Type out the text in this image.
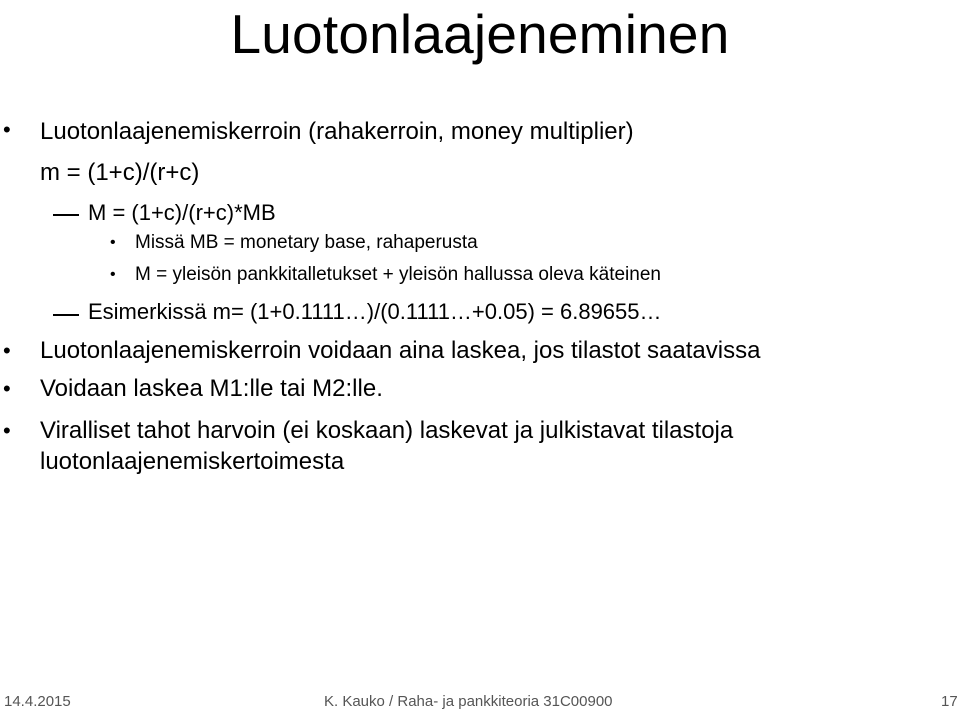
Luotonlaajeneminen
• Luotonlaajenemiskerroin (rahakerroin, money multiplier)
m = (1+c)/(r+c)
M = (1+c)/(r+c)*MB
• Missä MB = monetary base, rahaperusta
• M = yleisön pankkitalletukset + yleisön hallussa oleva käteinen
Esimerkissä m= (1+0.1111…)/(0.1111…+0.05) = 6.89655…
• Luotonlaajenemiskerroin voidaan aina laskea, jos tilastot saatavissa
• Voidaan laskea M1:lle tai M2:lle.
• Viralliset tahot harvoin (ei koskaan) laskevat ja julkistavat tilastoja
luotonlaajenemiskertoimesta
14.4.2015	K. Kauko / Raha- ja pankkiteoria 31C00900	17
